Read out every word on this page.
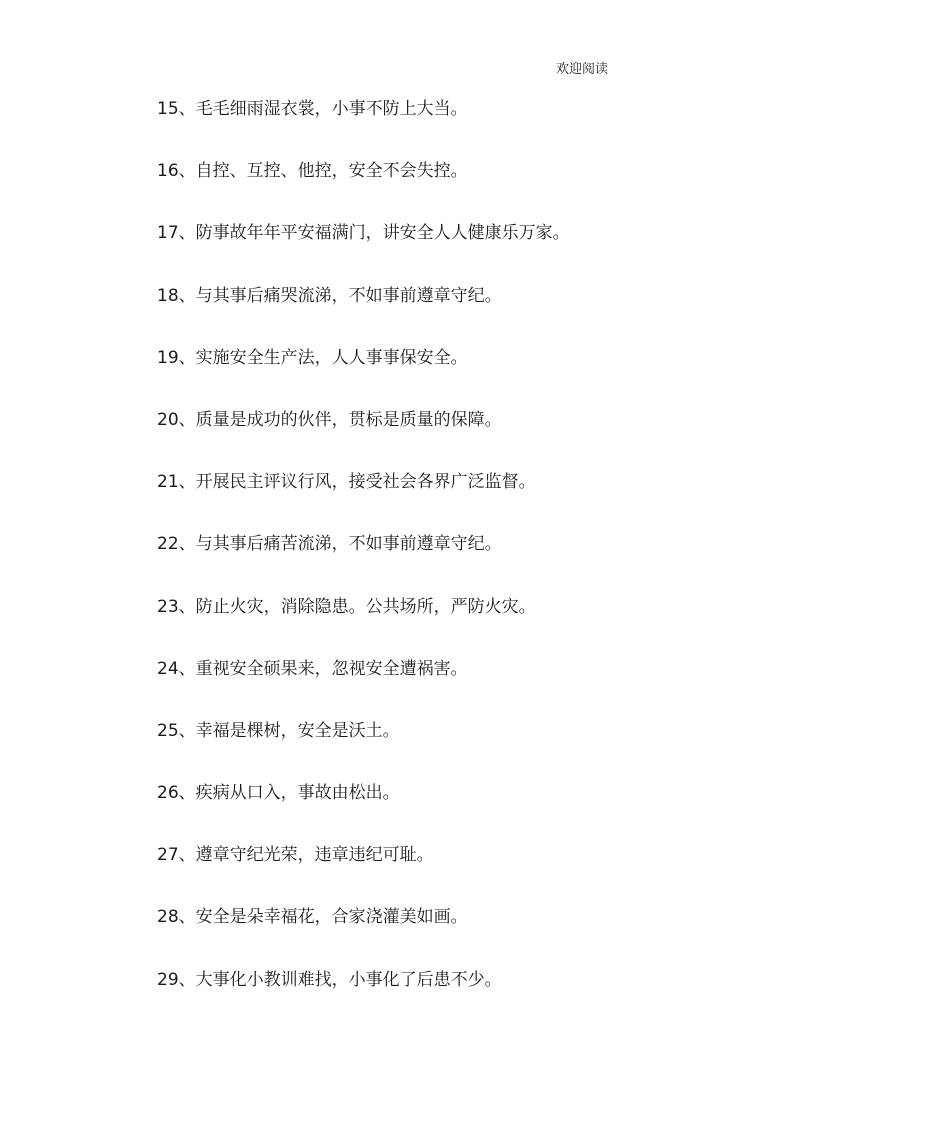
欢迎阅读
15、毛毛细雨湿衣裳，小事不防上大当。
16、自控、互控、他控，安全不会失控。
17、防事故年年平安福满门，讲安全人人健康乐万家。
18、与其事后痛哭流涕，不如事前遵章守纪。
19、实施安全生产法，人人事事保安全。
20、质量是成功的伙伴，贯标是质量的保障。
21、开展民主评议行风，接受社会各界广泛监督。
22、与其事后痛苦流涕，不如事前遵章守纪。
23、防止火灾，消除隐患。公共场所，严防火灾。
24、重视安全硕果来，忽视安全遭祸害。
25、幸福是棵树，安全是沃土。
26、疾病从口入，事故由松出。
27、遵章守纪光荣，违章违纪可耻。
28、安全是朵幸福花，合家浇灌美如画。
29、大事化小教训难找，小事化了后患不少。
